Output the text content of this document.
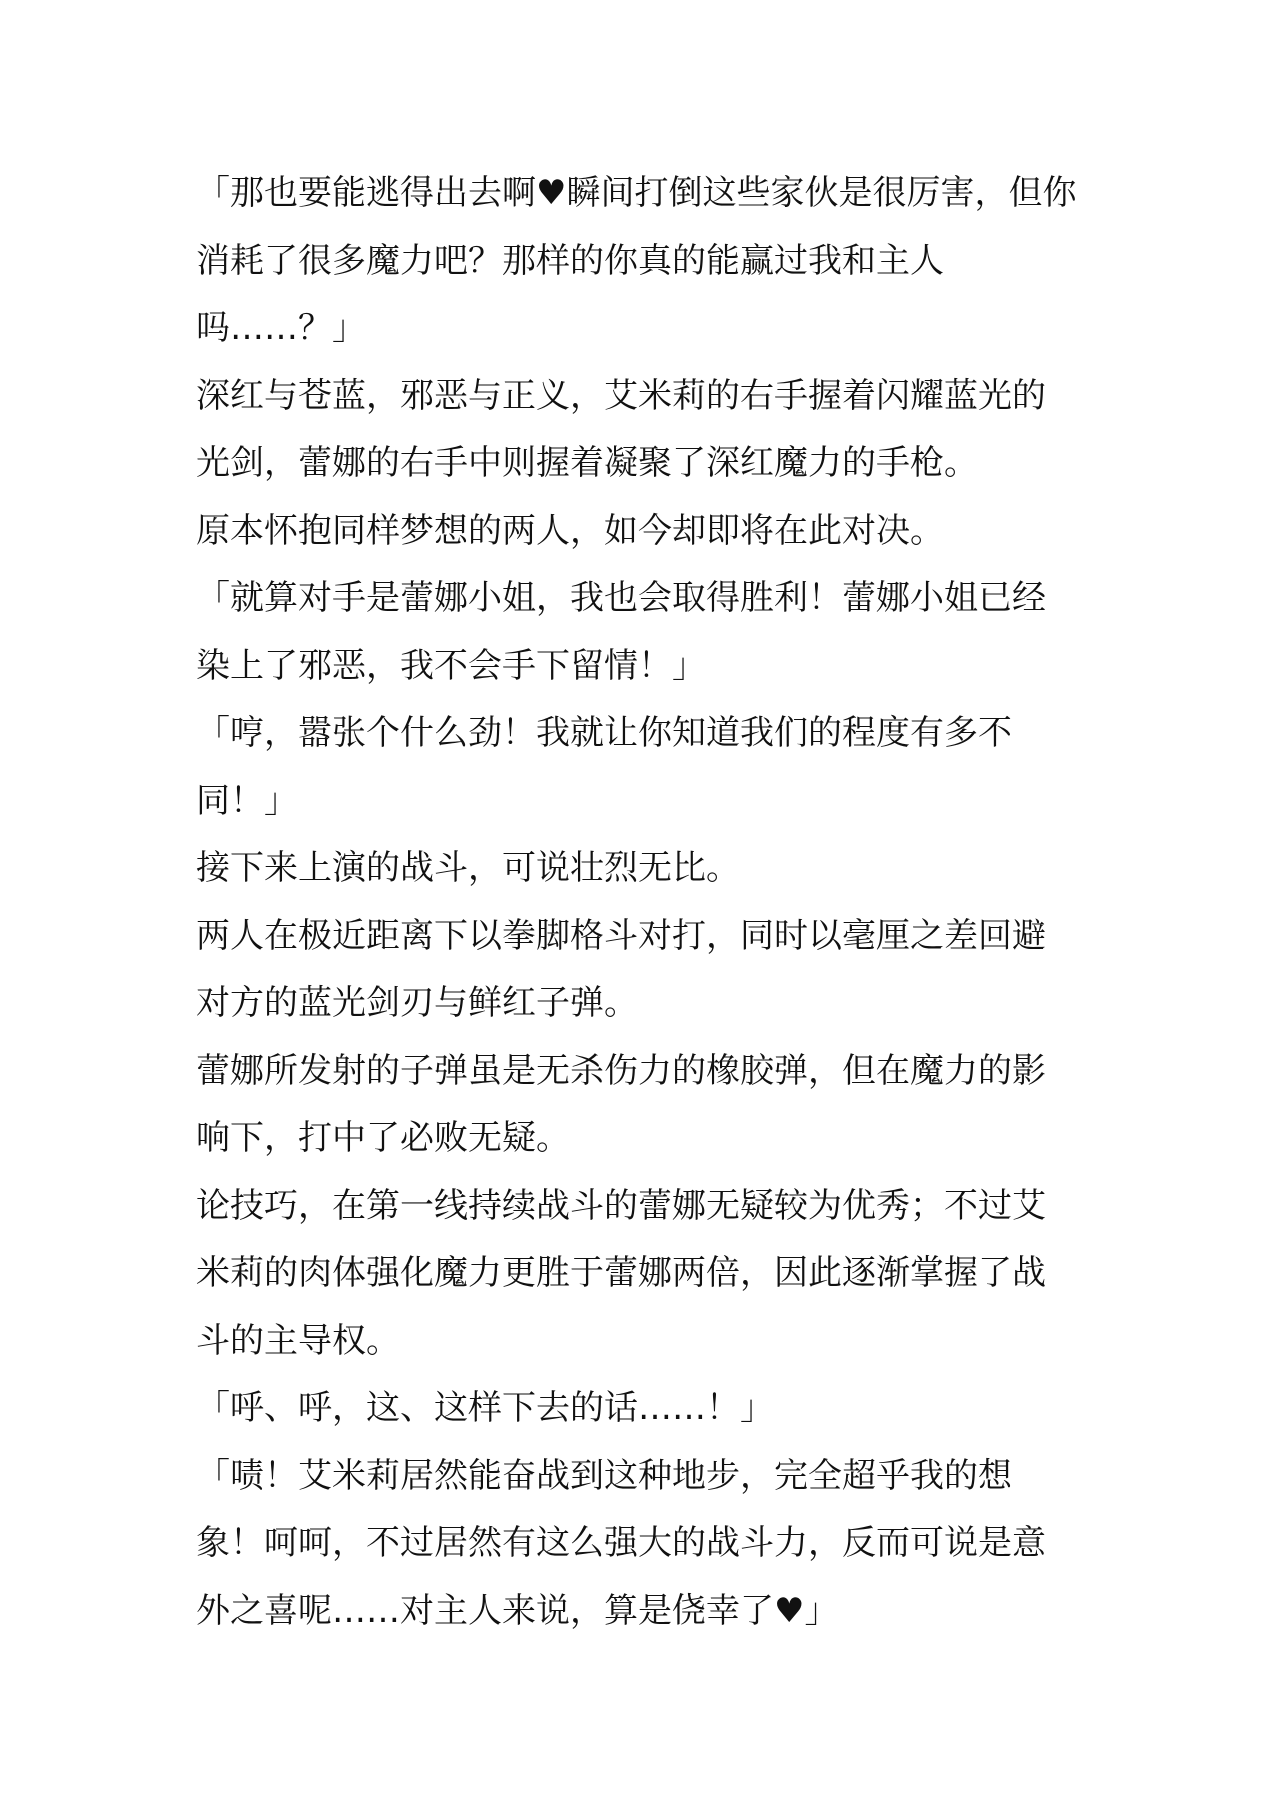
「那也要能逃得出去啊♥瞬间打倒这些家伙是很厉害，但你
消耗了很多魔力吧？那样的你真的能赢过我和主人
吗……？」
深红与苍蓝，邪恶与正义，艾米莉的右手握着闪耀蓝光的
光剑，蕾娜的右手中则握着凝聚了深红魔力的手枪。
原本怀抱同样梦想的两人，如今却即将在此对决。
「就算对手是蕾娜小姐，我也会取得胜利！蕾娜小姐已经
染上了邪恶，我不会手下留情！」
「哼，嚣张个什么劲！我就让你知道我们的程度有多不
同！」
接下来上演的战斗，可说壮烈无比。
两人在极近距离下以拳脚格斗对打，同时以毫厘之差回避
对方的蓝光剑刃与鲜红子弹。
蕾娜所发射的子弹虽是无杀伤力的橡胶弹，但在魔力的影
响下，打中了必败无疑。
论技巧，在第一线持续战斗的蕾娜无疑较为优秀；不过艾
米莉的肉体强化魔力更胜于蕾娜两倍，因此逐渐掌握了战
斗的主导权。
「呼、呼，这、这样下去的话……！」
「啧！艾米莉居然能奋战到这种地步，完全超乎我的想
象！呵呵，不过居然有这么强大的战斗力，反而可说是意
外之喜呢……对主人来说，算是侥幸了♥」
